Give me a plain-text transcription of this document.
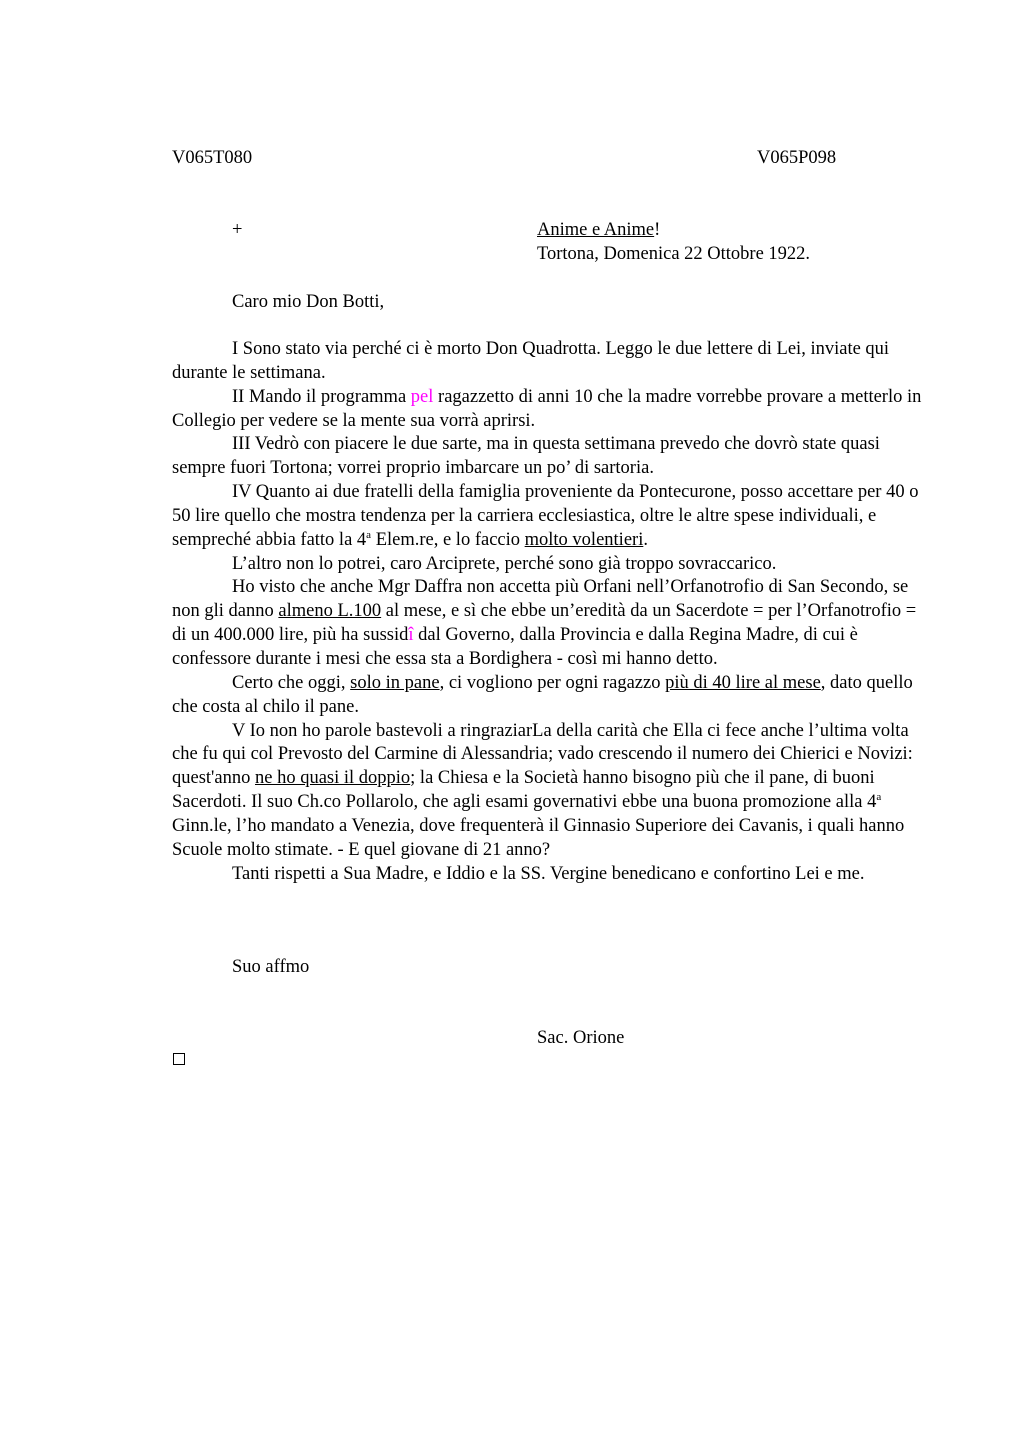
V065T080	V065P098
+	Anime e Anime!
Tortona, Domenica 22 Ottobre 1922.
Caro mio Don Botti,

I Sono stato via perché ci è morto Don Quadrotta. Leggo le due lettere di Lei, inviate qui durante le settimana.

II Mando il programma pel ragazzetto di anni 10 che la madre vorrebbe provare a metterlo in Collegio per vedere se la mente sua vorrà aprirsi.

III Vedrò con piacere le due sarte, ma in questa settimana prevedo che dovrò state quasi sempre fuori Tortona; vorrei proprio imbarcare un po’ di sartoria.

IV Quanto ai due fratelli della famiglia proveniente da Pontecurone, posso accettare per 40 o 50 lire quello che mostra tendenza per la carriera ecclesiastica, oltre le altre spese individuali, e sempreché abbia fatto la 4$^a$ Elem.re, e lo faccio molto volentieri.

L’altro non lo potrei, caro Arciprete, perché sono già troppo sovraccarico.

Ho visto che anche Mgr Daffra non accetta più Orfani nell’Orfanotrofio di San Secondo, se non gli danno almeno L.100 al mese, e sì che ebbe un’eredità da un Sacerdote = per l’Orfanotrofio = di un 400.000 lire, più ha sussidî dal Governo, dalla Provincia e dalla Regina Madre, di cui è confessore durante i mesi che essa sta a Bordighera - così mi hanno detto.

Certo che oggi, solo in pane, ci vogliono per ogni ragazzo più di 40 lire al mese, dato quello che costa al chilo il pane.

V Io non ho parole bastevoli a ringraziarLa della carità che Ella ci fece anche l’ultima volta che fu qui col Prevosto del Carmine di Alessandria; vado crescendo il numero dei Chierici e Novizi: quest'anno ne ho quasi il doppio; la Chiesa e la Società hanno bisogno più che il pane, di buoni Sacerdoti. Il suo Ch.co Pollarolo, che agli esami governativi ebbe una buona promozione alla 4$^a$ Ginn.le, l’ho mandato a Venezia, dove frequenterà il Ginnasio Superiore dei Cavanis, i quali hanno Scuole molto stimate. - E quel giovane di 21 anno?

Tanti rispetti a Sua Madre, e Iddio e la SS. Vergine benedicano e confortino Lei e me.

Suo affmo
Sac. Orione
